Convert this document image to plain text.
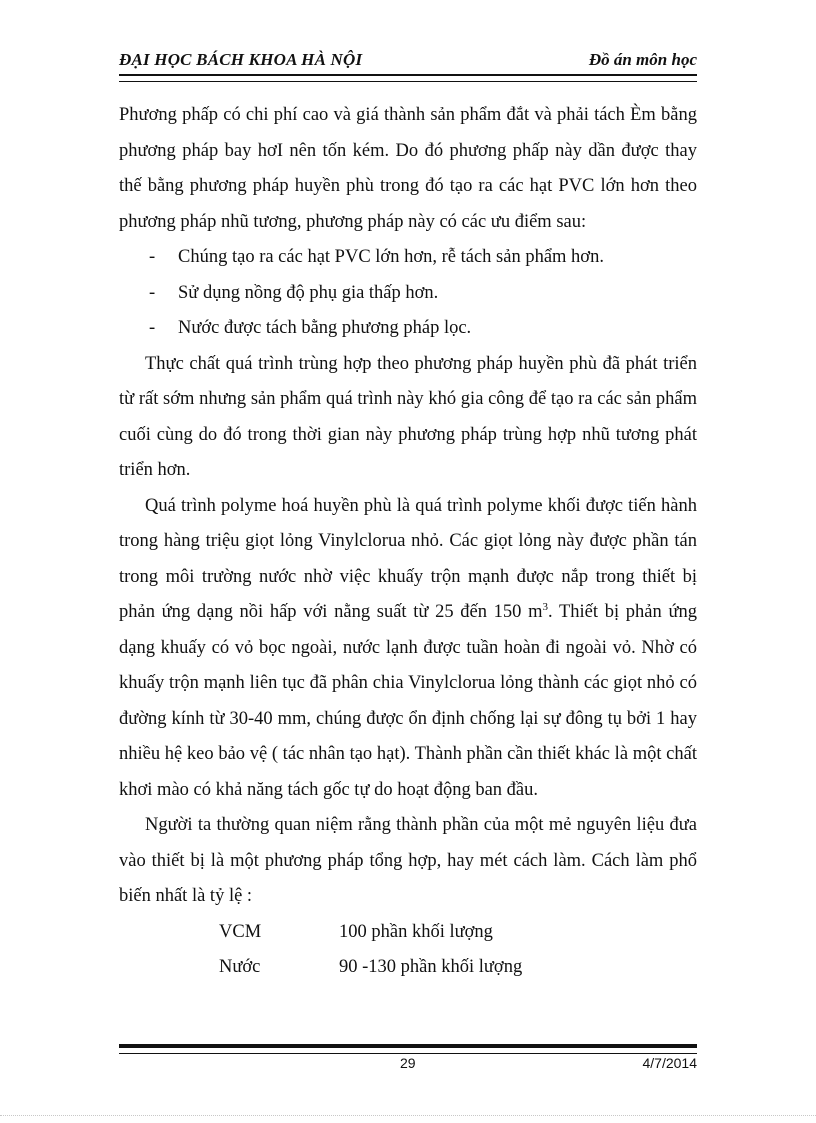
ĐẠI HỌC BÁCH KHOA HÀ NỘI	Đồ án môn học

Phương phấp có chi phí cao và giá thành sản phẩm đắt và phải tách Èm bằng phương pháp bay hơI nên tốn kém. Do đó phương phấp này dần được thay thế bằng phương pháp huyền phù trong đó tạo ra các hạt PVC lớn hơn theo phương pháp nhũ tương, phương pháp này có các ưu điểm sau:

- Chúng tạo ra các hạt PVC lớn hơn, rễ tách sản phẩm hơn.
- Sử dụng nồng độ phụ gia thấp hơn.
- Nước được tách bằng phương pháp lọc.

Thực chất quá trình trùng hợp theo phương pháp huyền phù đã phát triển từ rất sớm nhưng sản phẩm quá trình này khó gia công để tạo ra các sản phẩm cuối cùng do đó trong thời gian này phương pháp trùng hợp nhũ tương phát triển hơn.

Quá trình polyme hoá huyền phù là quá trình polyme khối được tiến hành trong hàng triệu giọt lỏng Vinylclorua nhỏ. Các giọt lỏng này được phần tán trong môi trường nước nhờ việc khuấy trộn mạnh được nắp trong thiết bị phản ứng dạng nồi hấp với nằng suất từ 25 đến 150 $m^3$. Thiết bị phản ứng dạng khuấy có vỏ bọc ngoài, nước lạnh được tuần hoàn đi ngoài vỏ. Nhờ có khuấy trộn mạnh liên tục đã phân chia Vinylclorua lỏng thành các giọt nhỏ có đường kính từ 30-40 mm, chúng được ổn định chống lại sự đông tụ bởi 1 hay nhiều hệ keo bảo vệ ( tác nhân tạo hạt). Thành phần cần thiết khác là một chất khơi mào có khả năng tách gốc tự do hoạt động ban đầu.

Người ta thường quan niệm rằng thành phần của một mẻ nguyên liệu đưa vào thiết bị là một phương pháp tổng hợp, hay mét cách làm. Cách làm phổ biến nhất là tỷ lệ :

VCM	100 phần khối lượng
Nước	90 -130 phần khối lượng
29	4/7/2014
